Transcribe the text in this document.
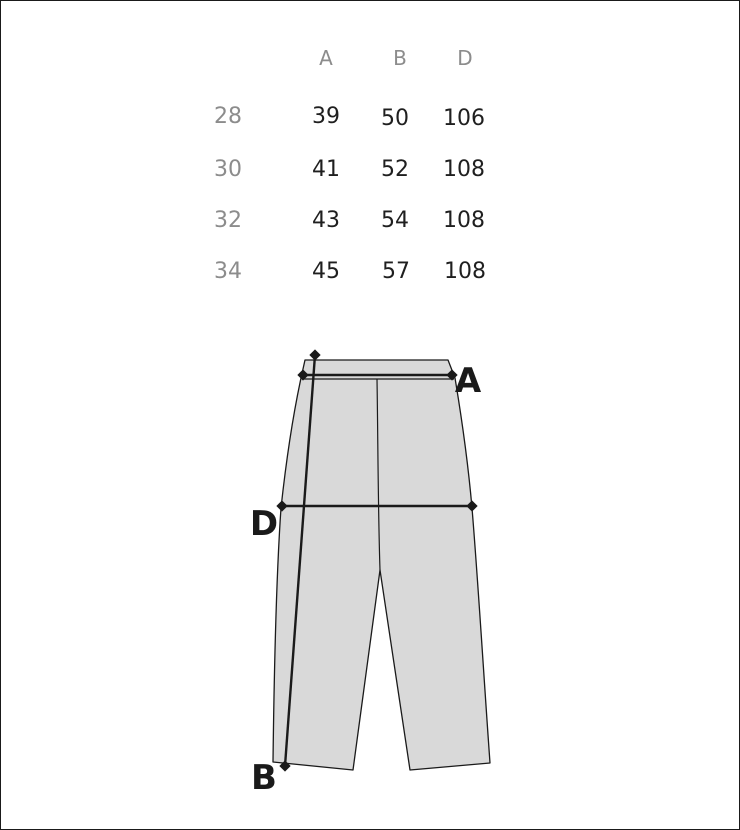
A	B	D
28	39 50 106
30	41 52 108
32	43 54 108
34	45 57 108
A
D
B
